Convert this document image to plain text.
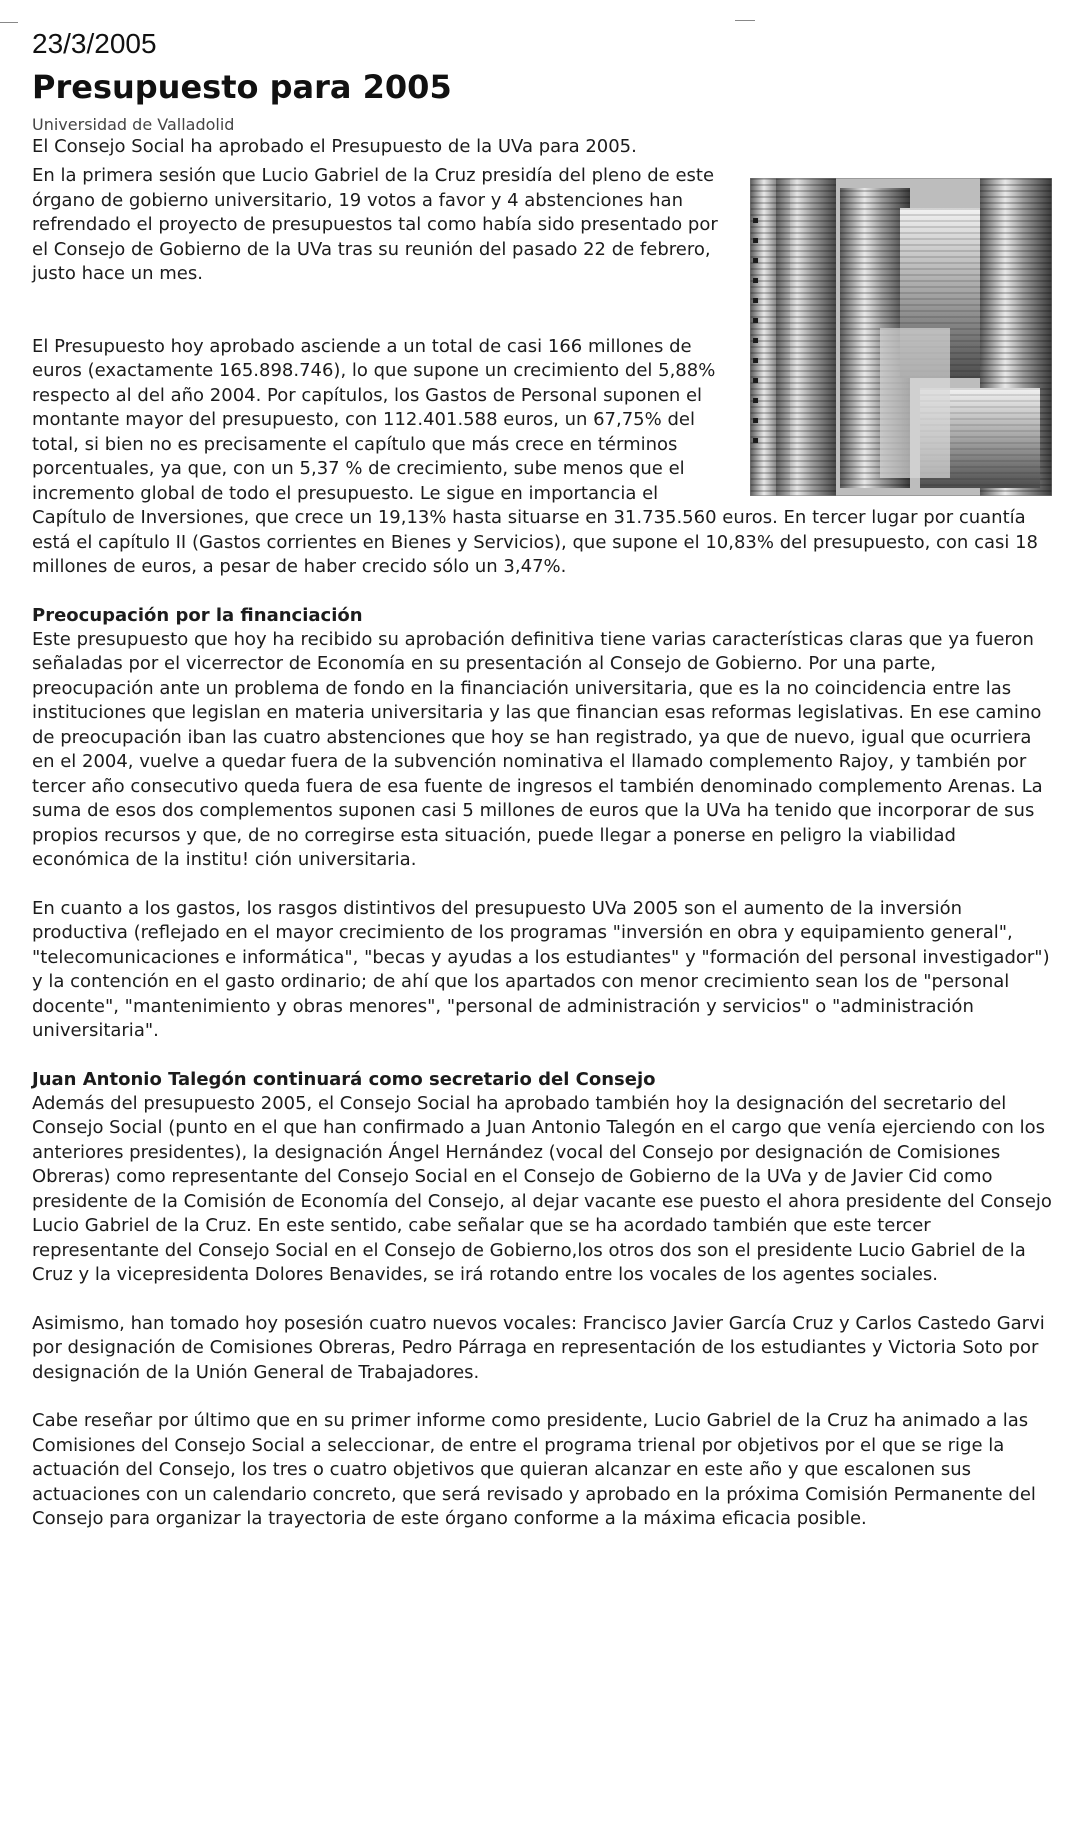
23/3/2005
Presupuesto para 2005

Universidad de Valladolid

El Consejo Social ha aprobado el Presupuesto de la UVa para 2005.

En la primera sesión que Lucio Gabriel de la Cruz presidía del pleno de este órgano de gobierno universitario, 19 votos a favor y 4 abstenciones han refrendado el proyecto de presupuestos tal como había sido presentado por el Consejo de Gobierno de la UVa tras su reunión del pasado 22 de febrero, justo hace un mes.

El Presupuesto hoy aprobado asciende a un total de casi 166 millones de euros (exactamente 165.898.746), lo que supone un crecimiento del 5,88% respecto al del año 2004. Por capítulos, los Gastos de Personal suponen el montante mayor del presupuesto, con 112.401.588 euros, un 67,75% del total, si bien no es precisamente el capítulo que más crece en términos porcentuales, ya que, con un 5,37 % de crecimiento, sube menos que el incremento global de todo el presupuesto. Le sigue en importancia el Capítulo de Inversiones, que crece un 19,13% hasta situarse en 31.735.560 euros. En tercer lugar por cuantía está el capítulo II (Gastos corrientes en Bienes y Servicios), que supone el 10,83% del presupuesto, con casi 18 millones de euros, a pesar de haber crecido sólo un 3,47%.

Preocupación por la financiación

Este presupuesto que hoy ha recibido su aprobación definitiva tiene varias características claras que ya fueron señaladas por el vicerrector de Economía en su presentación al Consejo de Gobierno. Por una parte, preocupación ante un problema de fondo en la financiación universitaria, que es la no coincidencia entre las instituciones que legislan en materia universitaria y las que financian esas reformas legislativas. En ese camino de preocupación iban las cuatro abstenciones que hoy se han registrado, ya que de nuevo, igual que ocurriera en el 2004, vuelve a quedar fuera de la subvención nominativa el llamado complemento Rajoy, y también por tercer año consecutivo queda fuera de esa fuente de ingresos el también denominado complemento Arenas. La suma de esos dos complementos suponen casi 5 millones de euros que la UVa ha tenido que incorporar de sus propios recursos y que, de no corregirse esta situación, puede llegar a ponerse en peligro la viabilidad económica de la institu! ción universitaria.

En cuanto a los gastos, los rasgos distintivos del presupuesto UVa 2005 son el aumento de la inversión productiva (reflejado en el mayor crecimiento de los programas "inversión en obra y equipamiento general", "telecomunicaciones e informática", "becas y ayudas a los estudiantes" y "formación del personal investigador") y la contención en el gasto ordinario; de ahí que los apartados con menor crecimiento sean los de "personal docente", "mantenimiento y obras menores", "personal de administración y servicios" o "administración universitaria".

Juan Antonio Talegón continuará como secretario del Consejo

Además del presupuesto 2005, el Consejo Social ha aprobado también hoy la designación del secretario del Consejo Social (punto en el que han confirmado a Juan Antonio Talegón en el cargo que venía ejerciendo con los anteriores presidentes), la designación Ángel Hernández (vocal del Consejo por designación de Comisiones Obreras) como representante del Consejo Social en el Consejo de Gobierno de la UVa y de Javier Cid como presidente de la Comisión de Economía del Consejo, al dejar vacante ese puesto el ahora presidente del Consejo Lucio Gabriel de la Cruz. En este sentido, cabe señalar que se ha acordado también que este tercer representante del Consejo Social en el Consejo de Gobierno,los otros dos son el presidente Lucio Gabriel de la Cruz y la vicepresidenta Dolores Benavides, se irá rotando entre los vocales de los agentes sociales.

Asimismo, han tomado hoy posesión cuatro nuevos vocales: Francisco Javier García Cruz y Carlos Castedo Garvi por designación de Comisiones Obreras, Pedro Párraga en representación de los estudiantes y Victoria Soto por designación de la Unión General de Trabajadores.

Cabe reseñar por último que en su primer informe como presidente, Lucio Gabriel de la Cruz ha animado a las Comisiones del Consejo Social a seleccionar, de entre el programa trienal por objetivos por el que se rige la actuación del Consejo, los tres o cuatro objetivos que quieran alcanzar en este año y que escalonen sus actuaciones con un calendario concreto, que será revisado y aprobado en la próxima Comisión Permanente del Consejo para organizar la trayectoria de este órgano conforme a la máxima eficacia posible.
